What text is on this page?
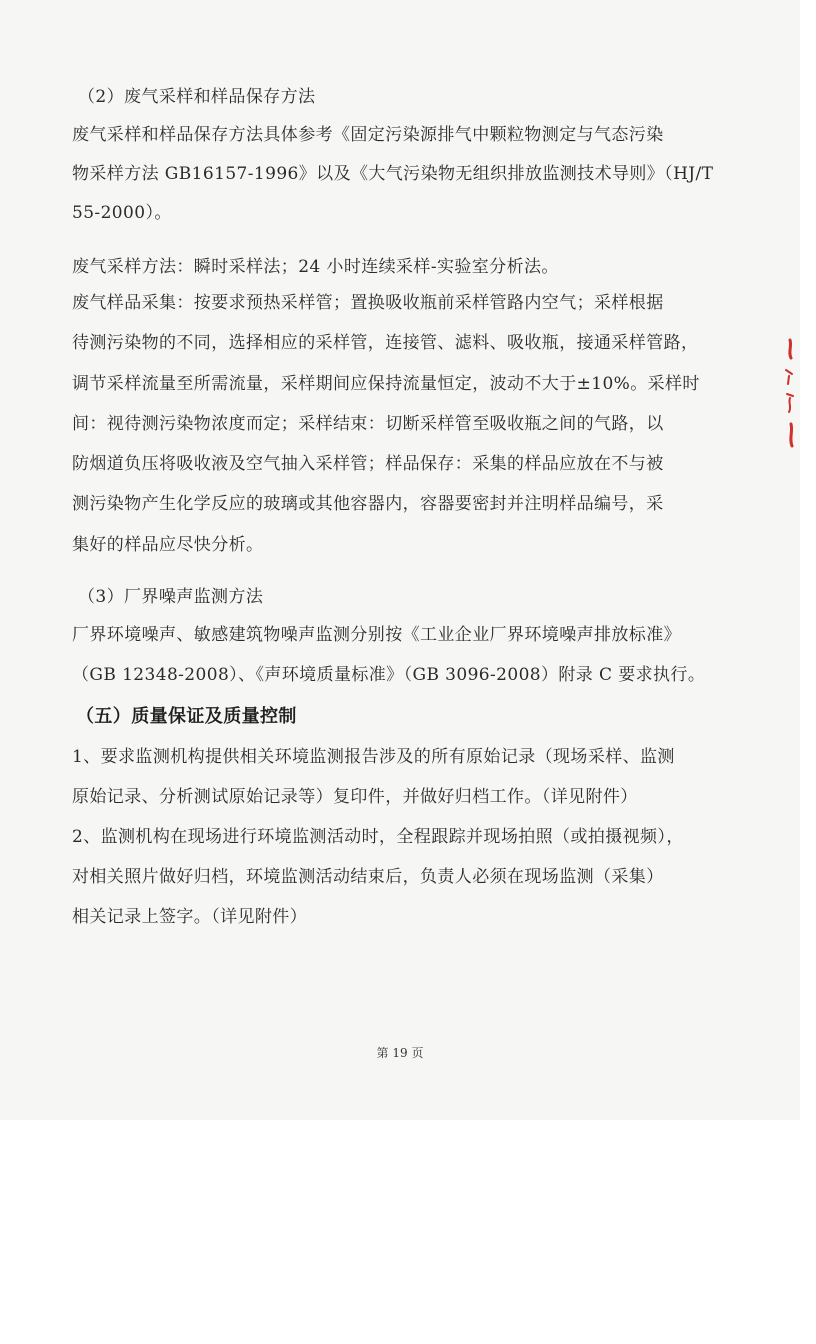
（2）废气采样和样品保存方法
废气采样和样品保存方法具体参考《固定污染源排气中颗粒物测定与气态污染
物采样方法 GB16157-1996》以及《大气污染物无组织排放监测技术导则》（HJ/T
55-2000）。
废气采样方法：瞬时采样法；24 小时连续采样-实验室分析法。
废气样品采集：按要求预热采样管；置换吸收瓶前采样管路内空气；采样根据
待测污染物的不同，选择相应的采样管，连接管、滤料、吸收瓶，接通采样管路，
调节采样流量至所需流量，采样期间应保持流量恒定，波动不大于±10%。采样时
间：视待测污染物浓度而定；采样结束：切断采样管至吸收瓶之间的气路，以
防烟道负压将吸收液及空气抽入采样管；样品保存：采集的样品应放在不与被
测污染物产生化学反应的玻璃或其他容器内，容器要密封并注明样品编号，采
集好的样品应尽快分析。
（3）厂界噪声监测方法
厂界环境噪声、敏感建筑物噪声监测分别按《工业企业厂界环境噪声排放标准》
（GB 12348-2008）、《声环境质量标准》（GB 3096-2008）附录 C 要求执行。
（五）质量保证及质量控制
1、要求监测机构提供相关环境监测报告涉及的所有原始记录（现场采样、监测
原始记录、分析测试原始记录等）复印件，并做好归档工作。（详见附件）
2、监测机构在现场进行环境监测活动时，全程跟踪并现场拍照（或拍摄视频），
对相关照片做好归档，环境监测活动结束后，负责人必须在现场监测（采集）
相关记录上签字。（详见附件）
第 19 页
